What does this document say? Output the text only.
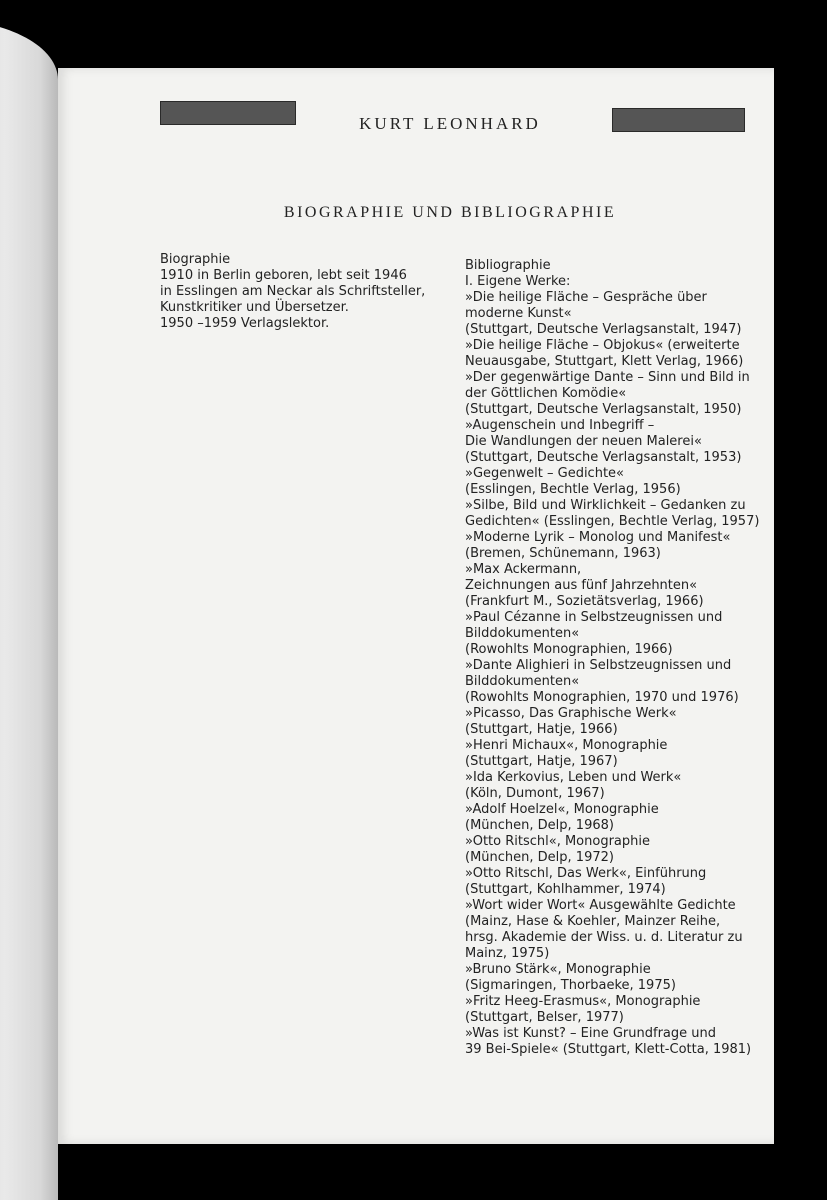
KURT LEONHARD
BIOGRAPHIE UND BIBLIOGRAPHIE

Biographie

1910 in Berlin geboren, lebt seit 1946
in Esslingen am Neckar als Schriftsteller,
Kunstkritiker und Übersetzer.
1950 –1959 Verlagslektor.

Bibliographie

I. Eigene Werke:
»Die heilige Fläche – Gespräche über
moderne Kunst«
(Stuttgart, Deutsche Verlagsanstalt, 1947)
»Die heilige Fläche – Objokus« (erweiterte
Neuausgabe, Stuttgart, Klett Verlag, 1966)
»Der gegenwärtige Dante – Sinn und Bild in
der Göttlichen Komödie«
(Stuttgart, Deutsche Verlagsanstalt, 1950)
»Augenschein und Inbegriff –
Die Wandlungen der neuen Malerei«
(Stuttgart, Deutsche Verlagsanstalt, 1953)
»Gegenwelt – Gedichte«
(Esslingen, Bechtle Verlag, 1956)
»Silbe, Bild und Wirklichkeit – Gedanken zu
Gedichten« (Esslingen, Bechtle Verlag, 1957)
»Moderne Lyrik – Monolog und Manifest«
(Bremen, Schünemann, 1963)
»Max Ackermann,
Zeichnungen aus fünf Jahrzehnten«
(Frankfurt M., Sozietätsverlag, 1966)
»Paul Cézanne in Selbstzeugnissen und
Bilddokumenten«
(Rowohlts Monographien, 1966)
»Dante Alighieri in Selbstzeugnissen und
Bilddokumenten«
(Rowohlts Monographien, 1970 und 1976)
»Picasso, Das Graphische Werk«
(Stuttgart, Hatje, 1966)
»Henri Michaux«, Monographie
(Stuttgart, Hatje, 1967)
»Ida Kerkovius, Leben und Werk«
(Köln, Dumont, 1967)
»Adolf Hoelzel«, Monographie
(München, Delp, 1968)
»Otto Ritschl«, Monographie
(München, Delp, 1972)
»Otto Ritschl, Das Werk«, Einführung
(Stuttgart, Kohlhammer, 1974)
»Wort wider Wort« Ausgewählte Gedichte
(Mainz, Hase & Koehler, Mainzer Reihe,
hrsg. Akademie der Wiss. u. d. Literatur zu
Mainz, 1975)
»Bruno Stärk«, Monographie
(Sigmaringen, Thorbaeke, 1975)
»Fritz Heeg-Erasmus«, Monographie
(Stuttgart, Belser, 1977)
»Was ist Kunst? – Eine Grundfrage und
39 Bei-Spiele« (Stuttgart, Klett-Cotta, 1981)
